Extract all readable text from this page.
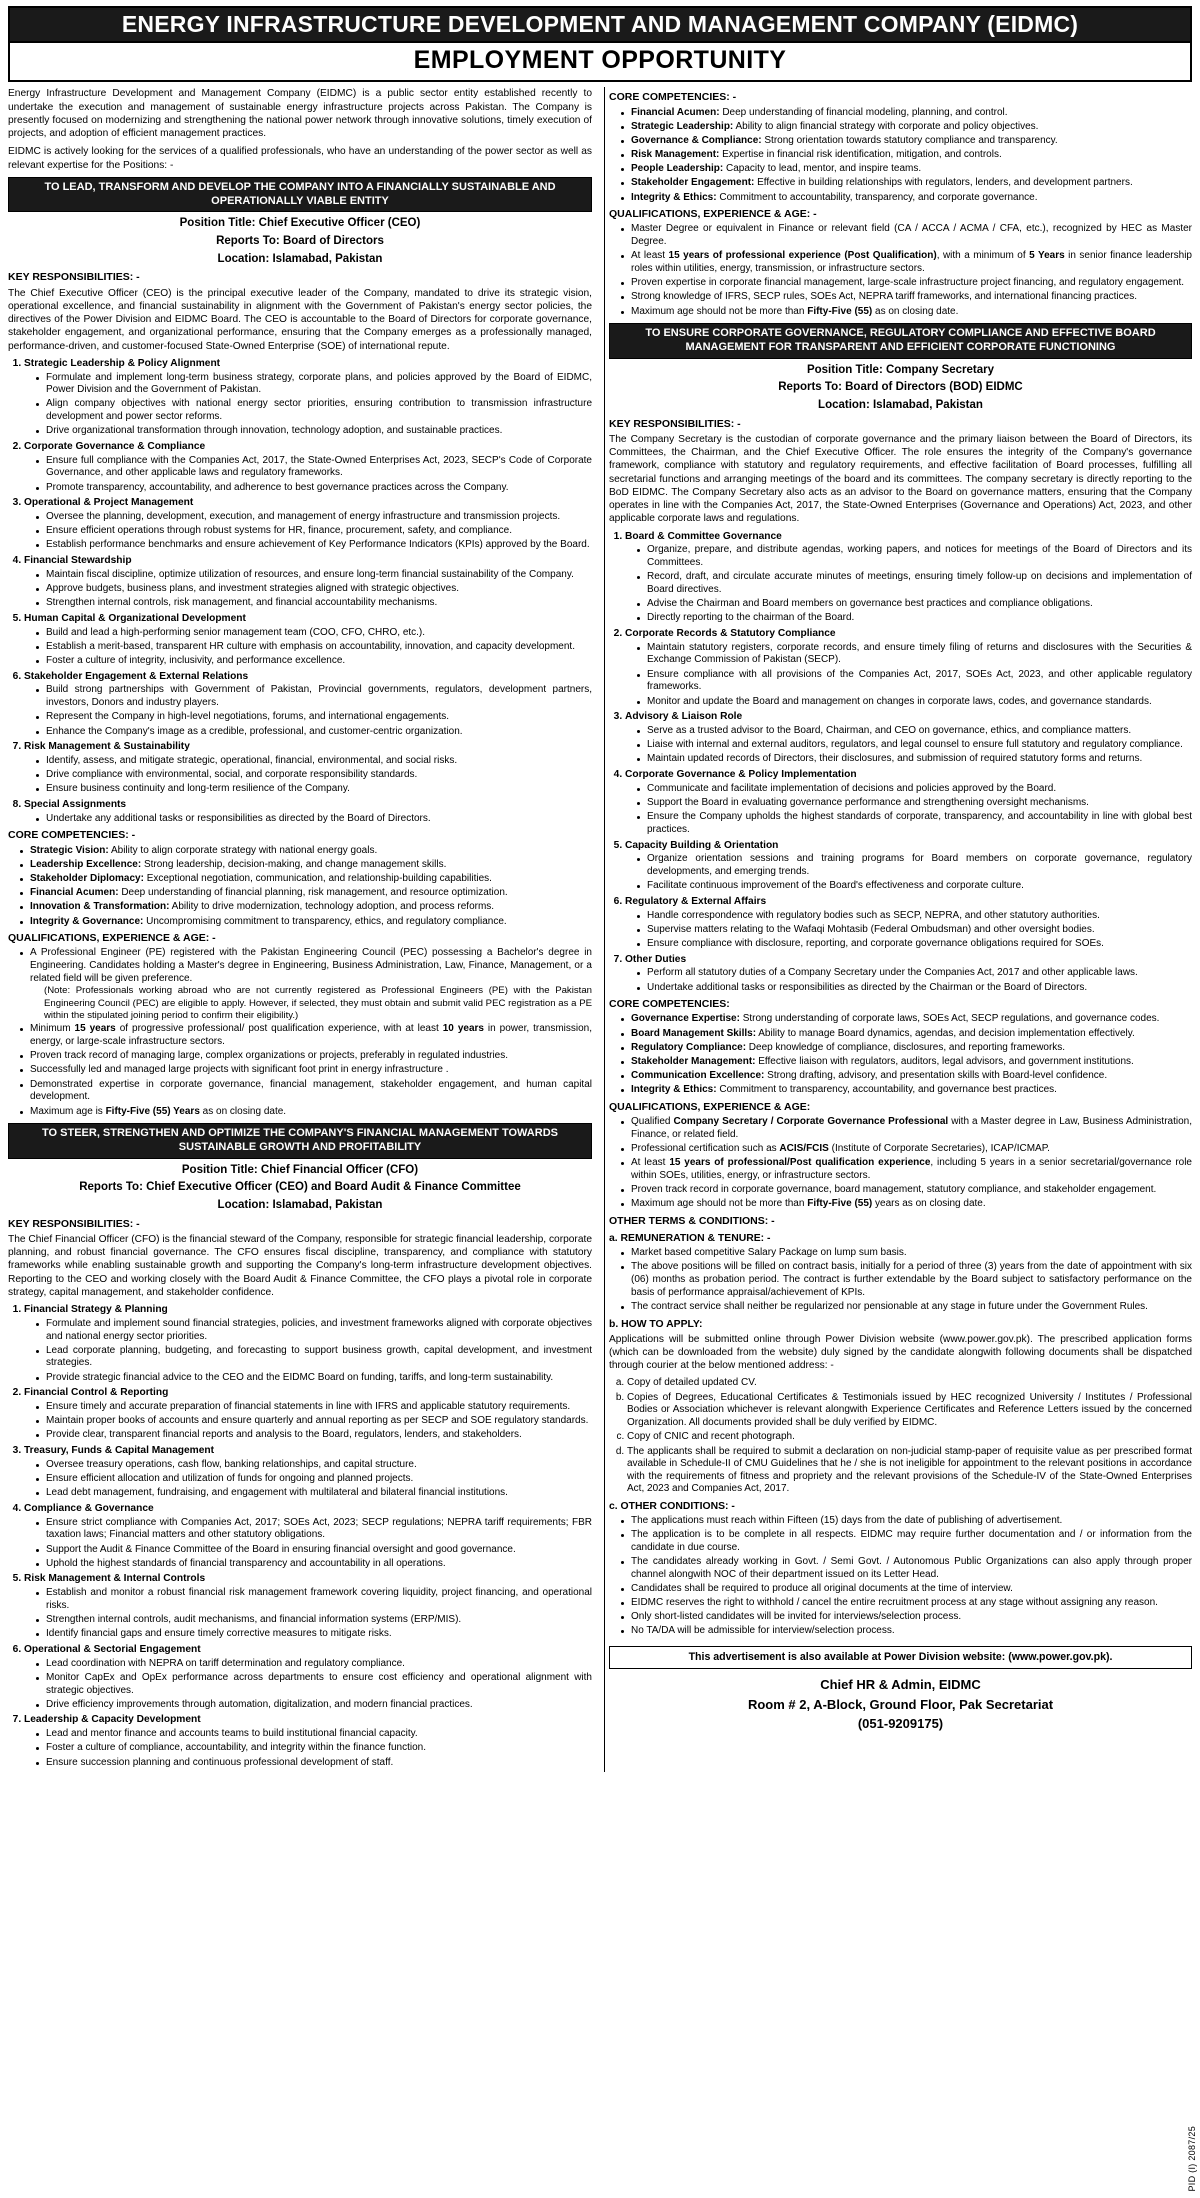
ENERGY INFRASTRUCTURE DEVELOPMENT AND MANAGEMENT COMPANY (EIDMC)
EMPLOYMENT OPPORTUNITY

Energy Infrastructure Development and Management Company (EIDMC) is a public sector entity established recently to undertake the execution and management of sustainable energy infrastructure projects across Pakistan. The Company is presently focused on modernizing and strengthening the national power network through innovative solutions, timely execution of projects, and adoption of efficient management practices.

EIDMC is actively looking for the services of a qualified professionals, who have an understanding of the power sector as well as relevant expertise for the Positions: -

TO LEAD, TRANSFORM AND DEVELOP THE COMPANY INTO A FINANCIALLY SUSTAINABLE AND OPERATIONALLY VIABLE ENTITY
Position Title: Chief Executive Officer (CEO)
Reports To: Board of Directors
Location: Islamabad, Pakistan
KEY RESPONSIBILITIES: -

The Chief Executive Officer (CEO) is the principal executive leader of the Company, mandated to drive its strategic vision, operational excellence, and financial sustainability in alignment with the Government of Pakistan's energy sector policies, the directives of the Power Division and EIDMC Board. The CEO is accountable to the Board of Directors for corporate governance, stakeholder engagement, and organizational performance, ensuring that the Company emerges as a professionally managed, performance-driven, and customer-focused State-Owned Enterprise (SOE) of international repute.

1. Strategic Leadership & Policy Alignment
Formulate and implement long-term business strategy, corporate plans, and policies approved by the Board of EIDMC, Power Division and the Government of Pakistan.
Align company objectives with national energy sector priorities, ensuring contribution to transmission infrastructure development and power sector reforms.
Drive organizational transformation through innovation, technology adoption, and sustainable practices.
2. Corporate Governance & Compliance
Ensure full compliance with the Companies Act, 2017, the State-Owned Enterprises Act, 2023, SECP's Code of Corporate Governance, and other applicable laws and regulatory frameworks.
Promote transparency, accountability, and adherence to best governance practices across the Company.
3. Operational & Project Management
Oversee the planning, development, execution, and management of energy infrastructure and transmission projects.
Ensure efficient operations through robust systems for HR, finance, procurement, safety, and compliance.
Establish performance benchmarks and ensure achievement of Key Performance Indicators (KPIs) approved by the Board.
4. Financial Stewardship
Maintain fiscal discipline, optimize utilization of resources, and ensure long-term financial sustainability of the Company.
Approve budgets, business plans, and investment strategies aligned with strategic objectives.
Strengthen internal controls, risk management, and financial accountability mechanisms.
5. Human Capital & Organizational Development
Build and lead a high-performing senior management team (COO, CFO, CHRO, etc.).
Establish a merit-based, transparent HR culture with emphasis on accountability, innovation, and capacity development.
Foster a culture of integrity, inclusivity, and performance excellence.
6. Stakeholder Engagement & External Relations
Build strong partnerships with Government of Pakistan, Provincial governments, regulators, development partners, investors, Donors and industry players.
Represent the Company in high-level negotiations, forums, and international engagements.
Enhance the Company's image as a credible, professional, and customer-centric organization.
7. Risk Management & Sustainability
Identify, assess, and mitigate strategic, operational, financial, environmental, and social risks.
Drive compliance with environmental, social, and corporate responsibility standards.
Ensure business continuity and long-term resilience of the Company.
8. Special Assignments
Undertake any additional tasks or responsibilities as directed by the Board of Directors.
CORE COMPETENCIES: -
Strategic Vision: Ability to align corporate strategy with national energy goals.
Leadership Excellence: Strong leadership, decision-making, and change management skills.
Stakeholder Diplomacy: Exceptional negotiation, communication, and relationship-building capabilities.
Financial Acumen: Deep understanding of financial planning, risk management, and resource optimization.
Innovation & Transformation: Ability to drive modernization, technology adoption, and process reforms.
Integrity & Governance: Uncompromising commitment to transparency, ethics, and regulatory compliance.
QUALIFICATIONS, EXPERIENCE & AGE: -
A Professional Engineer (PE) registered with the Pakistan Engineering Council (PEC) possessing a Bachelor's degree in Engineering. Candidates holding a Master's degree in Engineering, Business Administration, Law, Finance, Management, or a related field will be given preference.
(Note: Professionals working abroad who are not currently registered as Professional Engineers (PE) with the Pakistan Engineering Council (PEC) are eligible to apply. However, if selected, they must obtain and submit valid PEC registration as a PE within the stipulated joining period to confirm their eligibility.)
Minimum 15 years of progressive professional/ post qualification experience, with at least 10 years in power, transmission, energy, or large-scale infrastructure sectors.
Proven track record of managing large, complex organizations or projects, preferably in regulated industries.
Successfully led and managed large projects with significant foot print in energy infrastructure .
Demonstrated expertise in corporate governance, financial management, stakeholder engagement, and human capital development.
Maximum age is Fifty-Five (55) Years as on closing date.
TO STEER, STRENGTHEN AND OPTIMIZE THE COMPANY'S FINANCIAL MANAGEMENT TOWARDS SUSTAINABLE GROWTH AND PROFITABILITY
Position Title: Chief Financial Officer (CFO)
Reports To: Chief Executive Officer (CEO) and Board Audit & Finance Committee
Location: Islamabad, Pakistan
KEY RESPONSIBILITIES: -

The Chief Financial Officer (CFO) is the financial steward of the Company, responsible for strategic financial leadership, corporate planning, and robust financial governance. The CFO ensures fiscal discipline, transparency, and compliance with statutory frameworks while enabling sustainable growth and supporting the Company's long-term infrastructure development objectives. Reporting to the CEO and working closely with the Board Audit & Finance Committee, the CFO plays a pivotal role in corporate strategy, capital management, and stakeholder confidence.

1. Financial Strategy & Planning
Formulate and implement sound financial strategies, policies, and investment frameworks aligned with corporate objectives and national energy sector priorities.
Lead corporate planning, budgeting, and forecasting to support business growth, capital development, and investment strategies.
Provide strategic financial advice to the CEO and the EIDMC Board on funding, tariffs, and long-term sustainability.
2. Financial Control & Reporting
Ensure timely and accurate preparation of financial statements in line with IFRS and applicable statutory requirements.
Maintain proper books of accounts and ensure quarterly and annual reporting as per SECP and SOE regulatory standards.
Provide clear, transparent financial reports and analysis to the Board, regulators, lenders, and stakeholders.
3. Treasury, Funds & Capital Management
Oversee treasury operations, cash flow, banking relationships, and capital structure.
Ensure efficient allocation and utilization of funds for ongoing and planned projects.
Lead debt management, fundraising, and engagement with multilateral and bilateral financial institutions.
4. Compliance & Governance
Ensure strict compliance with Companies Act, 2017; SOEs Act, 2023; SECP regulations; NEPRA tariff requirements; FBR taxation laws; Financial matters and other statutory obligations.
Support the Audit & Finance Committee of the Board in ensuring financial oversight and good governance.
Uphold the highest standards of financial transparency and accountability in all operations.
5. Risk Management & Internal Controls
Establish and monitor a robust financial risk management framework covering liquidity, project financing, and operational risks.
Strengthen internal controls, audit mechanisms, and financial information systems (ERP/MIS).
Identify financial gaps and ensure timely corrective measures to mitigate risks.
6. Operational & Sectorial Engagement
Lead coordination with NEPRA on tariff determination and regulatory compliance.
Monitor CapEx and OpEx performance across departments to ensure cost efficiency and operational alignment with strategic objectives.
Drive efficiency improvements through automation, digitalization, and modern financial practices.
7. Leadership & Capacity Development
Lead and mentor finance and accounts teams to build institutional financial capacity.
Foster a culture of compliance, accountability, and integrity within the finance function.
Ensure succession planning and continuous professional development of staff.
CORE COMPETENCIES: -
Financial Acumen: Deep understanding of financial modeling, planning, and control.
Strategic Leadership: Ability to align financial strategy with corporate and policy objectives.
Governance & Compliance: Strong orientation towards statutory compliance and transparency.
Risk Management: Expertise in financial risk identification, mitigation, and controls.
People Leadership: Capacity to lead, mentor, and inspire teams.
Stakeholder Engagement: Effective in building relationships with regulators, lenders, and development partners.
Integrity & Ethics: Commitment to accountability, transparency, and corporate governance.
QUALIFICATIONS, EXPERIENCE & AGE: -
Master Degree or equivalent in Finance or relevant field (CA / ACCA / ACMA / CFA, etc.), recognized by HEC as Master Degree.
At least 15 years of professional experience (Post Qualification), with a minimum of 5 Years in senior finance leadership roles within utilities, energy, transmission, or infrastructure sectors.
Proven expertise in corporate financial management, large-scale infrastructure project financing, and regulatory engagement.
Strong knowledge of IFRS, SECP rules, SOEs Act, NEPRA tariff frameworks, and international financing practices.
Maximum age should not be more than Fifty-Five (55) as on closing date.
TO ENSURE CORPORATE GOVERNANCE, REGULATORY COMPLIANCE AND EFFECTIVE BOARD MANAGEMENT FOR TRANSPARENT AND EFFICIENT CORPORATE FUNCTIONING
Position Title: Company Secretary
Reports To: Board of Directors (BOD) EIDMC
Location: Islamabad, Pakistan
KEY RESPONSIBILITIES: -

The Company Secretary is the custodian of corporate governance and the primary liaison between the Board of Directors, its Committees, the Chairman, and the Chief Executive Officer. The role ensures the integrity of the Company's governance framework, compliance with statutory and regulatory requirements, and effective facilitation of Board processes, fulfilling all secretarial functions and arranging meetings of the board and its committees. The company secretary is directly reporting to the BoD EIDMC. The Company Secretary also acts as an advisor to the Board on governance matters, ensuring that the Company operates in line with the Companies Act, 2017, the State-Owned Enterprises (Governance and Operations) Act, 2023, and other applicable corporate laws and regulations.

1. Board & Committee Governance
Organize, prepare, and distribute agendas, working papers, and notices for meetings of the Board of Directors and its Committees.
Record, draft, and circulate accurate minutes of meetings, ensuring timely follow-up on decisions and implementation of Board directives.
Advise the Chairman and Board members on governance best practices and compliance obligations.
Directly reporting to the chairman of the Board.
2. Corporate Records & Statutory Compliance
Maintain statutory registers, corporate records, and ensure timely filing of returns and disclosures with the Securities & Exchange Commission of Pakistan (SECP).
Ensure compliance with all provisions of the Companies Act, 2017, SOEs Act, 2023, and other applicable regulatory frameworks.
Monitor and update the Board and management on changes in corporate laws, codes, and governance standards.
3. Advisory & Liaison Role
Serve as a trusted advisor to the Board, Chairman, and CEO on governance, ethics, and compliance matters.
Liaise with internal and external auditors, regulators, and legal counsel to ensure full statutory and regulatory compliance.
Maintain updated records of Directors, their disclosures, and submission of required statutory forms and returns.
4. Corporate Governance & Policy Implementation
Communicate and facilitate implementation of decisions and policies approved by the Board.
Support the Board in evaluating governance performance and strengthening oversight mechanisms.
Ensure the Company upholds the highest standards of corporate, transparency, and accountability in line with global best practices.
5. Capacity Building & Orientation
Organize orientation sessions and training programs for Board members on corporate governance, regulatory developments, and emerging trends.
Facilitate continuous improvement of the Board's effectiveness and corporate culture.
6. Regulatory & External Affairs
Handle correspondence with regulatory bodies such as SECP, NEPRA, and other statutory authorities.
Supervise matters relating to the Wafaqi Mohtasib (Federal Ombudsman) and other oversight bodies.
Ensure compliance with disclosure, reporting, and corporate governance obligations required for SOEs.
7. Other Duties
Perform all statutory duties of a Company Secretary under the Companies Act, 2017 and other applicable laws.
Undertake additional tasks or responsibilities as directed by the Chairman or the Board of Directors.
CORE COMPETENCIES:
Governance Expertise: Strong understanding of corporate laws, SOEs Act, SECP regulations, and governance codes.
Board Management Skills: Ability to manage Board dynamics, agendas, and decision implementation effectively.
Regulatory Compliance: Deep knowledge of compliance, disclosures, and reporting frameworks.
Stakeholder Management: Effective liaison with regulators, auditors, legal advisors, and government institutions.
Communication Excellence: Strong drafting, advisory, and presentation skills with Board-level confidence.
Integrity & Ethics: Commitment to transparency, accountability, and governance best practices.
QUALIFICATIONS, EXPERIENCE & AGE:
Qualified Company Secretary / Corporate Governance Professional with a Master degree in Law, Business Administration, Finance, or related field.
Professional certification such as ACIS/FCIS (Institute of Corporate Secretaries), ICAP/ICMAP.
At least 15 years of professional/Post qualification experience, including 5 years in a senior secretarial/governance role within SOEs, utilities, energy, or infrastructure sectors.
Proven track record in corporate governance, board management, statutory compliance, and stakeholder engagement.
Maximum age should not be more than Fifty-Five (55) years as on closing date.
OTHER TERMS & CONDITIONS: -
a. REMUNERATION & TENURE: -
Market based competitive Salary Package on lump sum basis.
The above positions will be filled on contract basis, initially for a period of three (3) years from the date of appointment with six (06) months as probation period. The contract is further extendable by the Board subject to satisfactory performance on the basis of performance appraisal/achievement of KPIs.
The contract service shall neither be regularized nor pensionable at any stage in future under the Government Rules.
b. HOW TO APPLY:

Applications will be submitted online through Power Division website (www.power.gov.pk). The prescribed application forms (which can be downloaded from the website) duly signed by the candidate alongwith following documents shall be dispatched through courier at the below mentioned address: -

a. Copy of detailed updated CV.
b. Copies of Degrees, Educational Certificates & Testimonials issued by HEC recognized University / Institutes / Professional Bodies or Association whichever is relevant alongwith Experience Certificates and Reference Letters issued by the concerned Organization. All documents provided shall be duly verified by EIDMC.
c. Copy of CNIC and recent photograph.
d. The applicants shall be required to submit a declaration on non-judicial stamp-paper of requisite value as per prescribed format available in Schedule-II of CMU Guidelines that he / she is not ineligible for appointment to the relevant positions in accordance with the requirements of fitness and propriety and the relevant provisions of the Schedule-IV of the State-Owned Enterprises Act, 2023 and Companies Act, 2017.
c. OTHER CONDITIONS: -
The applications must reach within Fifteen (15) days from the date of publishing of advertisement.
The application is to be complete in all respects. EIDMC may require further documentation and / or information from the candidate in due course.
The candidates already working in Govt. / Semi Govt. / Autonomous Public Organizations can also apply through proper channel alongwith NOC of their department issued on its Letter Head.
Candidates shall be required to produce all original documents at the time of interview.
EIDMC reserves the right to withhold / cancel the entire recruitment process at any stage without assigning any reason.
Only short-listed candidates will be invited for interviews/selection process.
No TA/DA will be admissible for interview/selection process.
This advertisement is also available at Power Division website: (www.power.gov.pk).
Chief HR & Admin, EIDMC
Room # 2, A-Block, Ground Floor, Pak Secretariat
(051-9209175)
PID (I) 2087/25
